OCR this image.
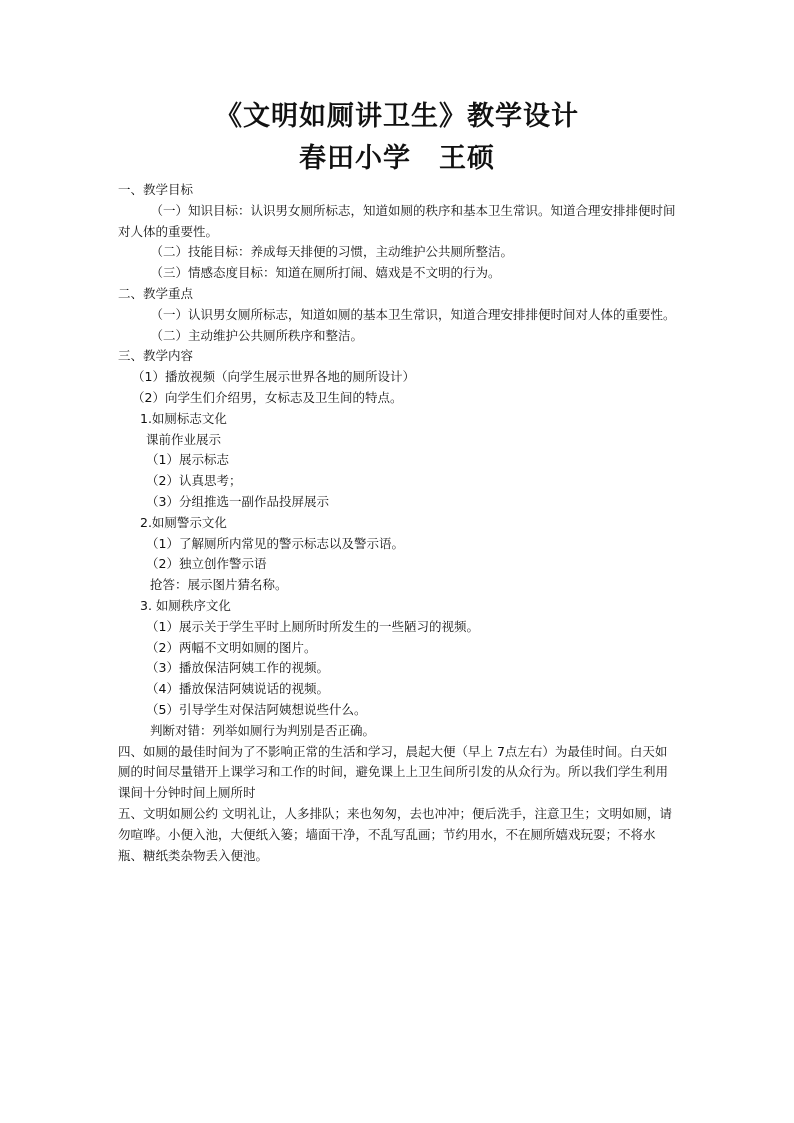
《文明如厕讲卫生》教学设计
春田小学　王硕

一、教学目标

（一）知识目标：认识男女厕所标志，知道如厕的秩序和基本卫生常识。知道合理安排排便时间对人体的重要性。

（二）技能目标：养成每天排便的习惯，主动维护公共厕所整洁。

（三）情感态度目标：知道在厕所打闹、嬉戏是不文明的行为。

二、教学重点

（一）认识男女厕所标志，知道如厕的基本卫生常识，知道合理安排排便时间对人体的重要性。

（二）主动维护公共厕所秩序和整洁。

三、教学内容

（1）播放视频（向学生展示世界各地的厕所设计）

（2）向学生们介绍男，女标志及卫生间的特点。

1.如厕标志文化

课前作业展示

（1）展示标志

（2）认真思考；

（3）分组推选一副作品投屏展示

2.如厕警示文化

（1）了解厕所内常见的警示标志以及警示语。

（2）独立创作警示语

抢答：展示图片猜名称。

3. 如厕秩序文化

（1）展示关于学生平时上厕所时所发生的一些陋习的视频。

（2）两幅不文明如厕的图片。

（3）播放保洁阿姨工作的视频。

（4）播放保洁阿姨说话的视频。

（5）引导学生对保洁阿姨想说些什么。

判断对错：列举如厕行为判别是否正确。

四、如厕的最佳时间为了不影响正常的生活和学习，晨起大便（早上 7点左右）为最佳时间。白天如厕的时间尽量错开上课学习和工作的时间，避免课上上卫生间所引发的从众行为。所以我们学生利用课间十分钟时间上厕所时

五、文明如厕公约 文明礼让，人多排队；来也匆匆，去也冲冲；便后洗手，注意卫生；文明如厕，请勿喧哗。小便入池，大便纸入篓；墙面干净，不乱写乱画；节约用水，不在厕所嬉戏玩耍；不将水瓶、糖纸类杂物丢入便池。
